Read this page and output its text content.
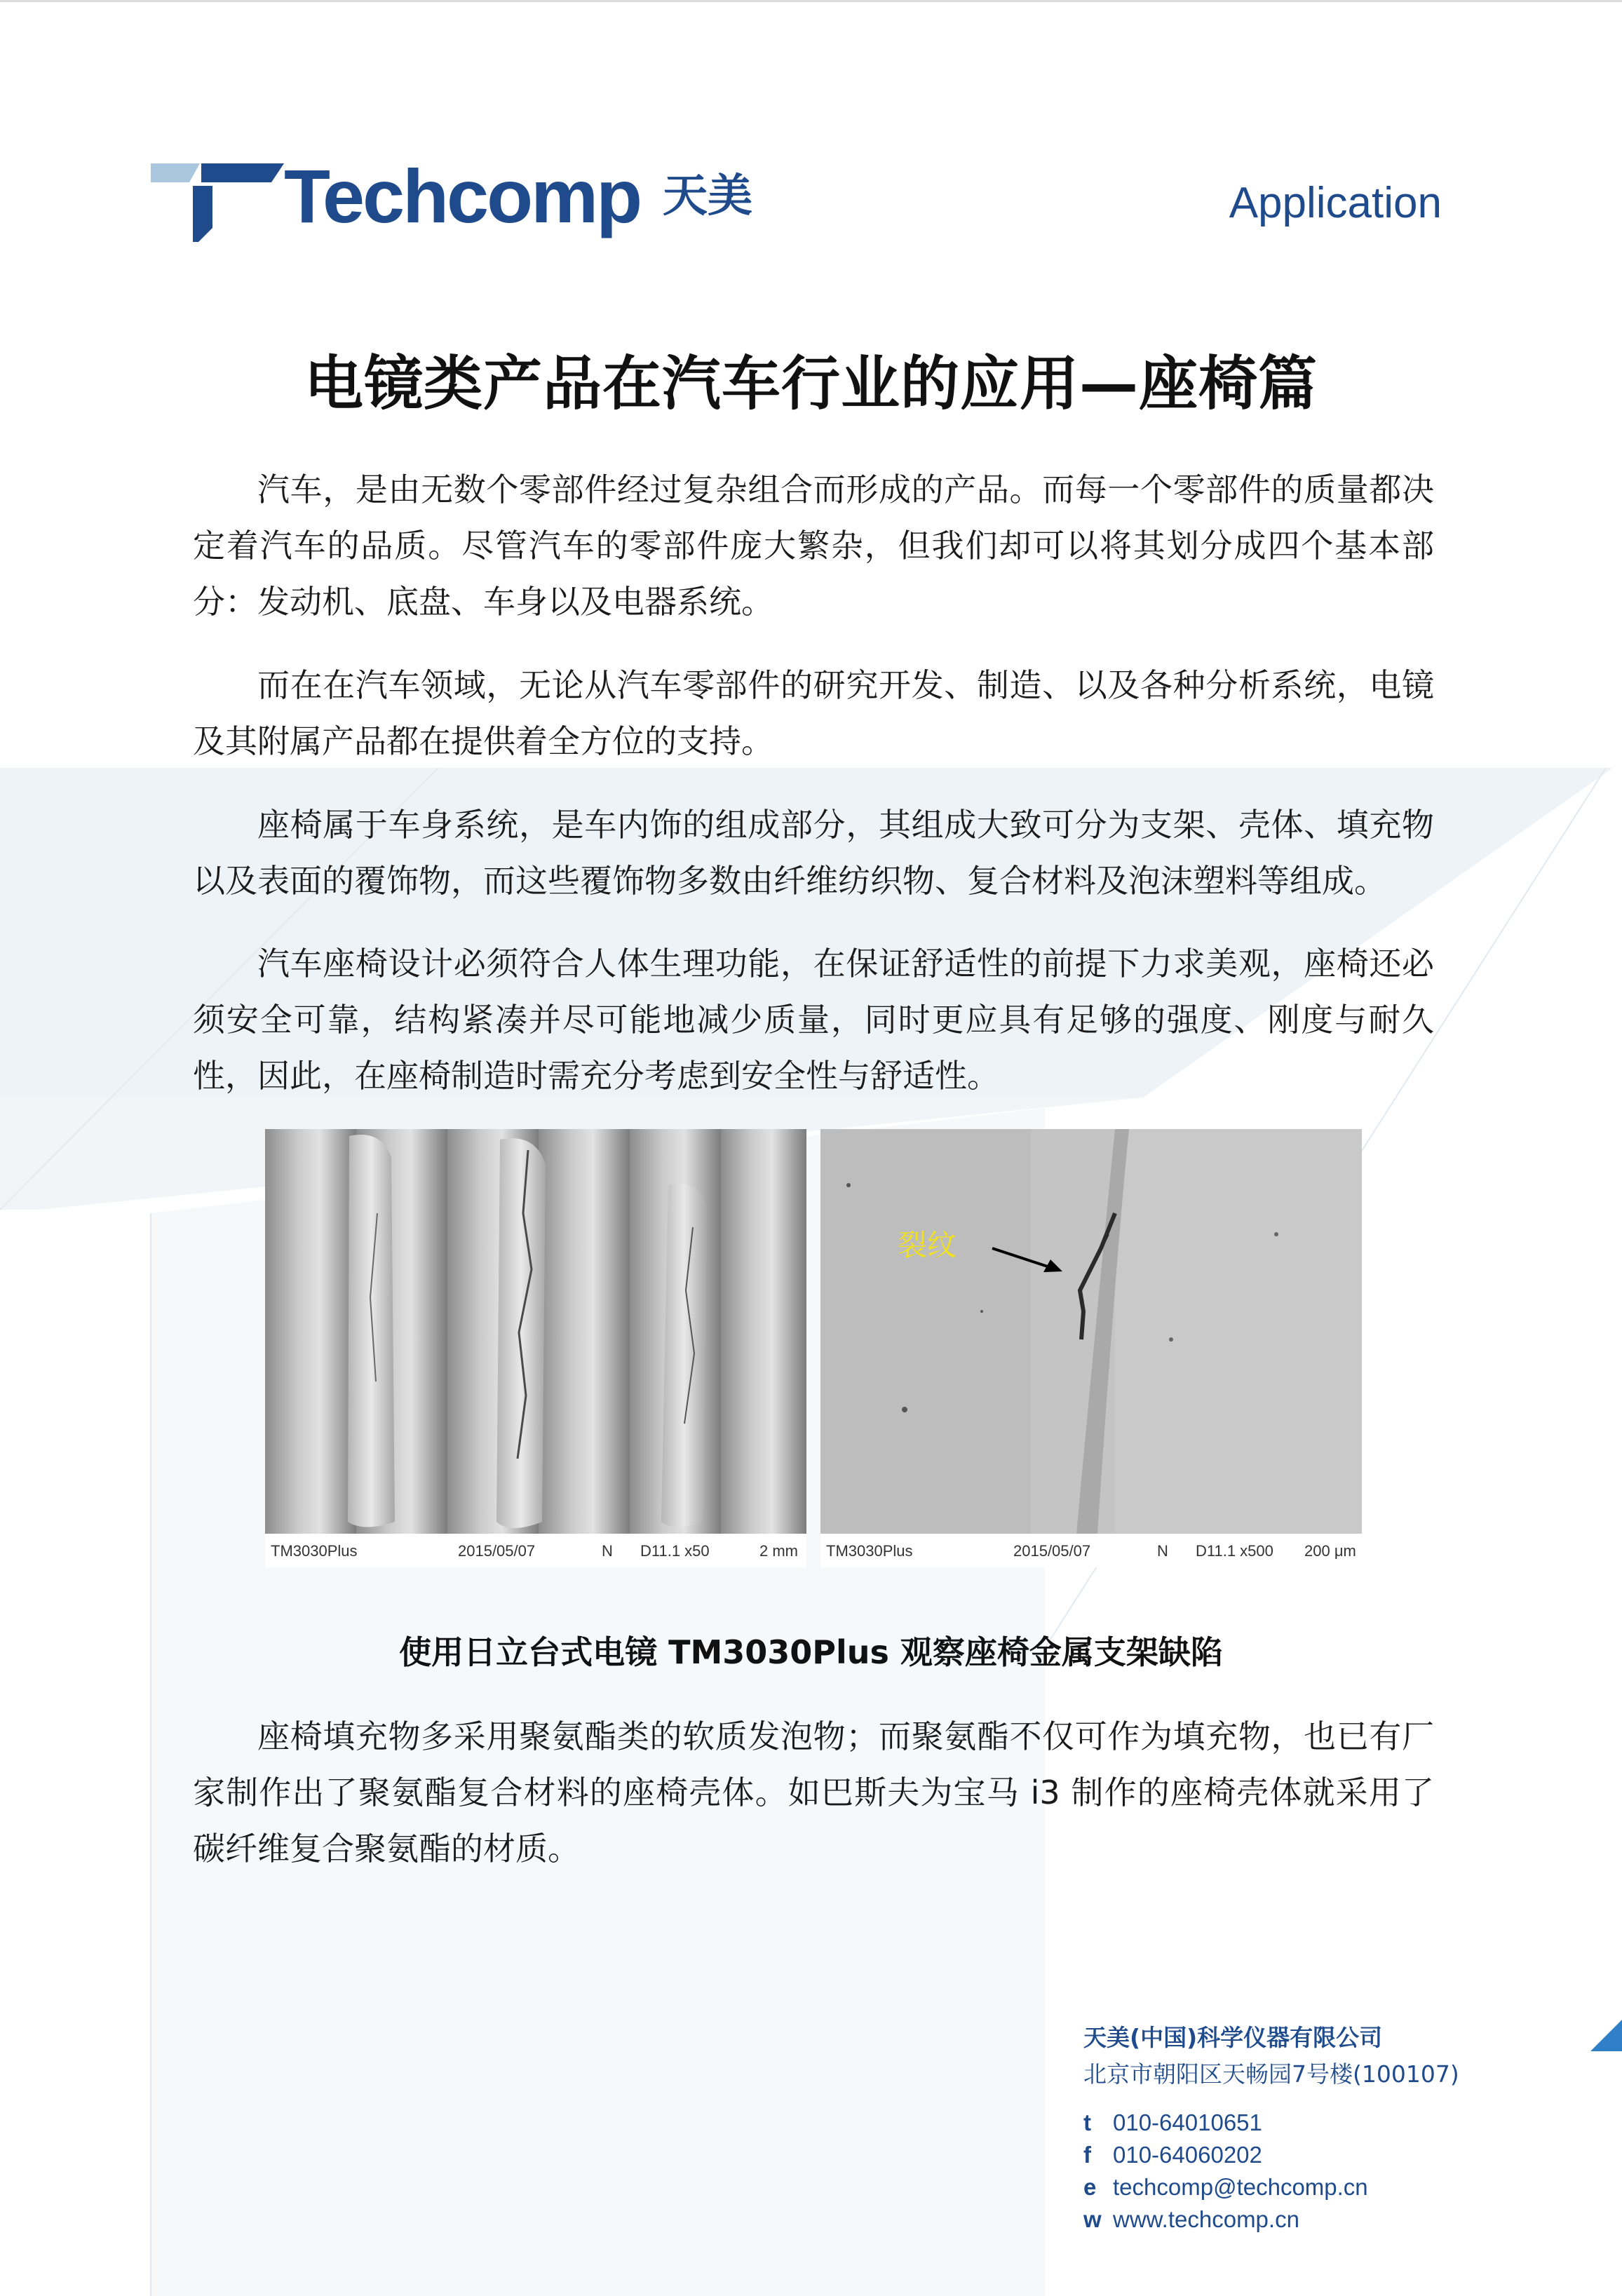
Techcomp 天美	Application
电镜类产品在汽车行业的应用—座椅篇

汽车，是由无数个零部件经过复杂组合而形成的产品。而每一个零部件的质量都决定着汽车的品质。尽管汽车的零部件庞大繁杂，但我们却可以将其划分成四个基本部分：发动机、底盘、车身以及电器系统。

而在在汽车领域，无论从汽车零部件的研究开发、制造、以及各种分析系统，电镜及其附属产品都在提供着全方位的支持。

座椅属于车身系统，是车内饰的组成部分，其组成大致可分为支架、壳体、填充物以及表面的覆饰物，而这些覆饰物多数由纤维纺织物、复合材料及泡沫塑料等组成。

汽车座椅设计必须符合人体生理功能，在保证舒适性的前提下力求美观，座椅还必须安全可靠，结构紧凑并尽可能地减少质量，同时更应具有足够的强度、刚度与耐久性，因此，在座椅制造时需充分考虑到安全性与舒适性。

TM3030Plus	2015/05/07	N D11.1 x50	2 mm
裂纹
TM3030Plus	2015/05/07	N D11.1 x500 200 μm
使用日立台式电镜 TM3030Plus 观察座椅金属支架缺陷

座椅填充物多采用聚氨酯类的软质发泡物；而聚氨酯不仅可作为填充物，也已有厂家制作出了聚氨酯复合材料的座椅壳体。如巴斯夫为宝马 i3 制作的座椅壳体就采用了碳纤维复合聚氨酯的材质。

天美(中国)科学仪器有限公司
北京市朝阳区天畅园7号楼(100107)
t 010-64010651
f 010-64060202
e techcomp@techcomp.cn
w www.techcomp.cn
